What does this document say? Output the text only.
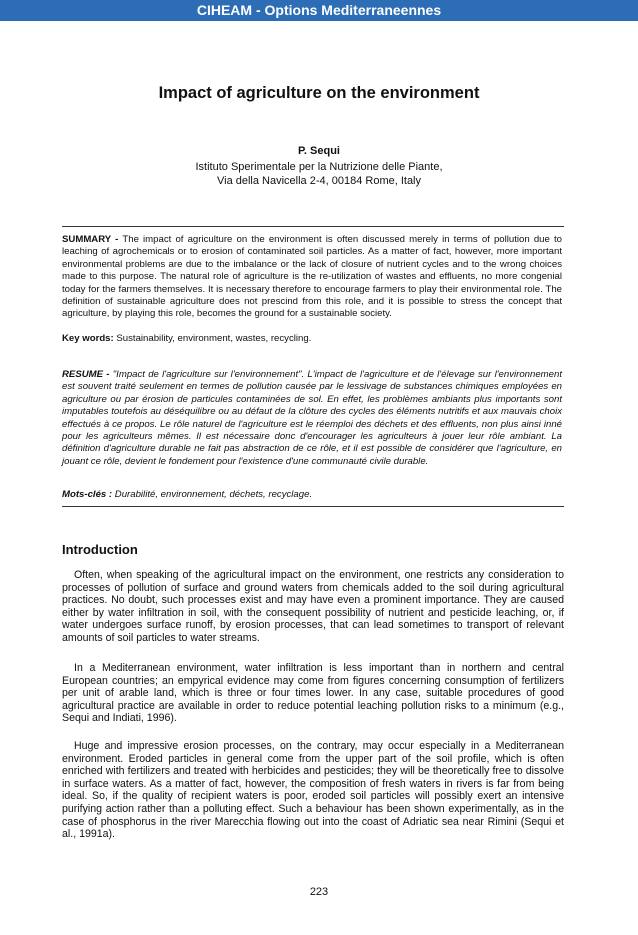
CIHEAM - Options Mediterraneennes
Impact of agriculture on the environment
P. Sequi
Istituto Sperimentale per la Nutrizione delle Piante,
Via della Navicella 2-4, 00184 Rome, Italy

SUMMARY - The impact of agriculture on the environment is often discussed merely in terms of pollution due to leaching of agrochemicals or to erosion of contaminated soil particles. As a matter of fact, however, more important environmental problems are due to the imbalance or the lack of closure of nutrient cycles and to the wrong choices made to this purpose. The natural role of agriculture is the re-utilization of wastes and effluents, no more congenial today for the farmers themselves. It is necessary therefore to encourage farmers to play their environmental role. The definition of sustainable agriculture does not prescind from this role, and it is possible to stress the concept that agriculture, by playing this role, becomes the ground for a sustainable society.

Key words: Sustainability, environment, wastes, recycling.

RESUME - "Impact de l'agriculture sur l'environnement". L'impact de l'agriculture et de l'élevage sur l'environnement est souvent traité seulement en termes de pollution causée par le lessivage de substances chimiques employées en agriculture ou par érosion de particules contaminées de sol. En effet, les problèmes ambiants plus importants sont imputables toutefois au déséquilibre ou au défaut de la clôture des cycles des éléments nutritifs et aux mauvais choix effectués à ce propos. Le rôle naturel de l'agriculture est le réemploi des déchets et des effluents, non plus ainsi inné pour les agriculteurs mêmes. Il est nécessaire donc d'encourager les agriculteurs à jouer leur rôle ambiant. La définition d'agriculture durable ne fait pas abstraction de ce rôle, et il est possible de considérer que l'agriculture, en jouant ce rôle, devient le fondement pour l'existence d'une communauté civile durable.

Mots-clés : Durabilité, environnement, déchets, recyclage.

Introduction

Often, when speaking of the agricultural impact on the environment, one restricts any consideration to processes of pollution of surface and ground waters from chemicals added to the soil during agricultural practices. No doubt, such processes exist and may have even a prominent importance. They are caused either by water infiltration in soil, with the consequent possibility of nutrient and pesticide leaching, or, if water undergoes surface runoff, by erosion processes, that can lead sometimes to transport of relevant amounts of soil particles to water streams.

In a Mediterranean environment, water infiltration is less important than in northern and central European countries; an empyrical evidence may come from figures concerning consumption of fertilizers per unit of arable land, which is three or four times lower. In any case, suitable procedures of good agricultural practice are available in order to reduce potential leaching pollution risks to a minimum (e.g., Sequi and Indiati, 1996).

Huge and impressive erosion processes, on the contrary, may occur especially in a Mediterranean environment. Eroded particles in general come from the upper part of the soil profile, which is often enriched with fertilizers and treated with herbicides and pesticides; they will be theoretically free to dissolve in surface waters. As a matter of fact, however, the composition of fresh waters in rivers is far from being ideal. So, if the quality of recipient waters is poor, eroded soil particles will possibly exert an intensive purifying action rather than a polluting effect. Such a behaviour has been shown experimentally, as in the case of phosphorus in the river Marecchia flowing out into the coast of Adriatic sea near Rimini (Sequi et al., 1991a).

223
